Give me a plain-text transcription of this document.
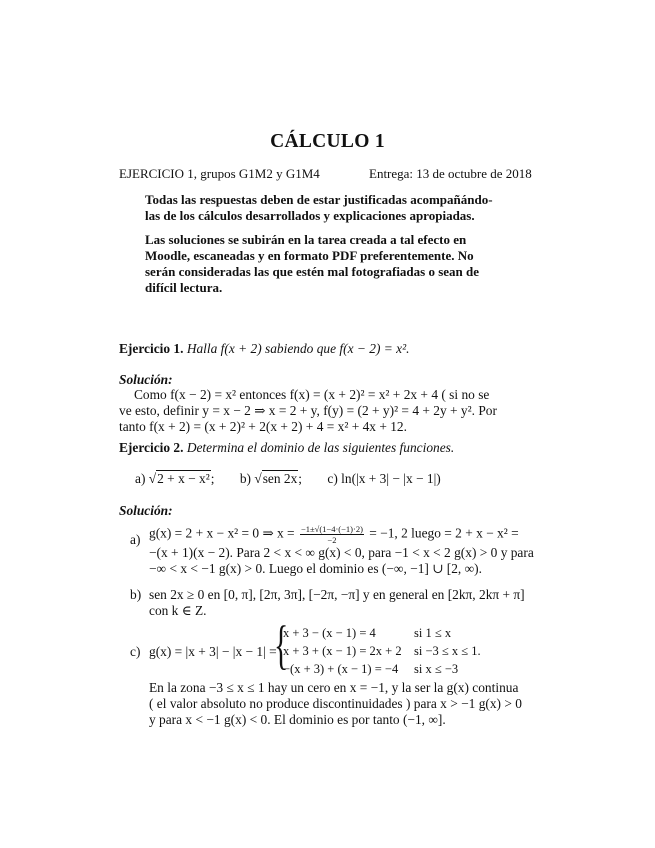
CÁLCULO 1
EJERCICIO 1, grupos G1M2 y G1M4	Entrega: 13 de octubre de 2018
Todas las respuestas deben de estar justificadas acompañándo-
las de los cálculos desarrollados y explicaciones apropiadas.
Las soluciones se subirán en la tarea creada a tal efecto en
Moodle, escaneadas y en formato PDF preferentemente. No
serán consideradas las que estén mal fotografiadas o sean de
difícil lectura.
Ejercicio 1. Halla f(x + 2) sabiendo que f(x − 2) = x².
Solución:
Como f(x − 2) = x² entonces f(x) = (x + 2)² = x² + 2x + 4 ( si no se
ve esto, definir y = x − 2 ⇒ x = 2 + y, f(y) = (2 + y)² = 4 + 2y + y². Por
tanto f(x + 2) = (x + 2)² + 2(x + 2) + 4 = x² + 4x + 12.
Ejercicio 2. Determina el dominio de las siguientes funciones.
a) √2 + x − x²; b) √sen 2x; c) ln(|x + 3| − |x − 1|)
Solución:
a) g(x) = 2 + x − x² = 0 ⇒ $x = \frac{-1\pm√(1-4\cdot(-1)\cdot 2)}{-2} = -1$, 2 luego = 2 + x − x² =
−(x + 1)(x − 2). Para 2 < x < ∞ g(x) < 0, para −1 < x < 2 g(x) > 0 y para
−∞ < x < −1 g(x) > 0. Luego el dominio es (−∞, −1] ∪ [2, ∞).
b) sen 2x ≥ 0 en [0, π], [2π, 3π], [−2π, −π] y en general en [2kπ, 2kπ + π]
con k ∈ Z.
c) g(x) = |x + 3| − |x − 1| =
{
x + 3 − (x − 1) = 4	si 1 ≤ x
x + 3 + (x − 1) = 2x + 2 si −3 ≤ x ≤ 1.
−(x + 3) + (x − 1) = −4 si x ≤ −3
En la zona −3 ≤ x ≤ 1 hay un cero en x = −1, y la ser la g(x) continua
( el valor absoluto no produce discontinuidades ) para x > −1 g(x) > 0
y para x < −1 g(x) < 0. El dominio es por tanto (−1, ∞].
